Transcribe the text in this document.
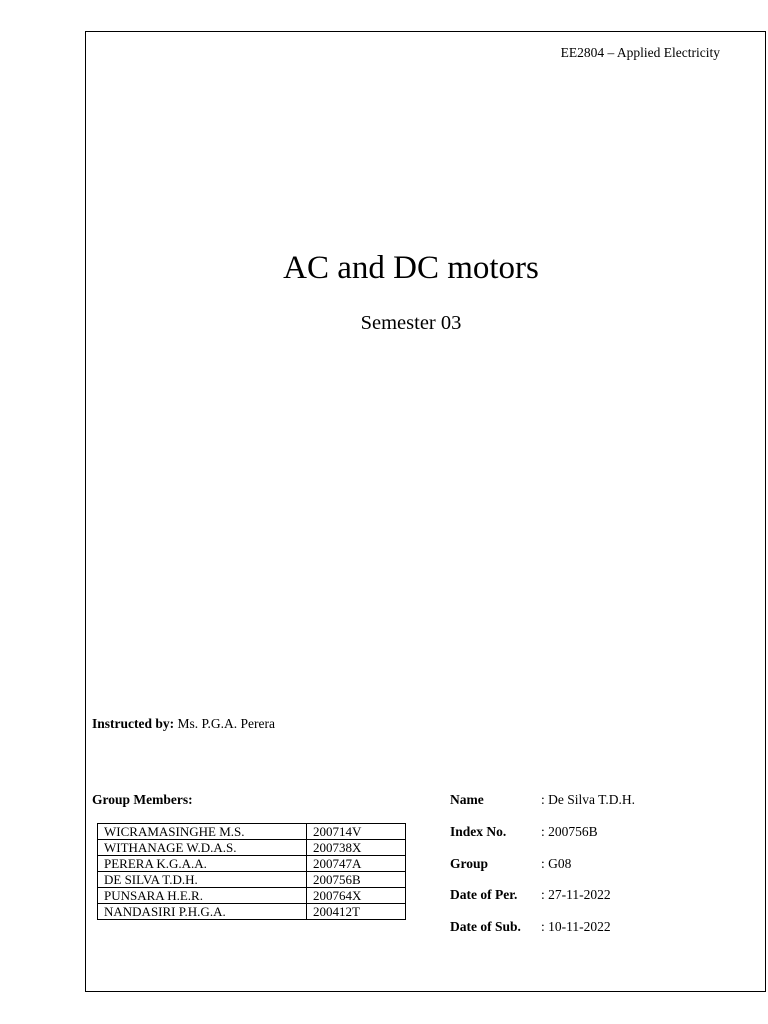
EE2804 – Applied Electricity
AC and DC motors
Semester 03
Instructed by: Ms. P.G.A. Perera
Group Members:
WICRAMASINGHE M.S.	200714V
WITHANAGE W.D.A.S.	200738X
PERERA K.G.A.A.	200747A
DE SILVA T.D.H.	200756B
PUNSARA H.E.R.	200764X
NANDASIRI P.H.G.A.	200412T
Name	: De Silva T.D.H.
Index No.	: 200756B
Group	: G08
Date of Per. : 27-11-2022
Date of Sub. : 10-11-2022
